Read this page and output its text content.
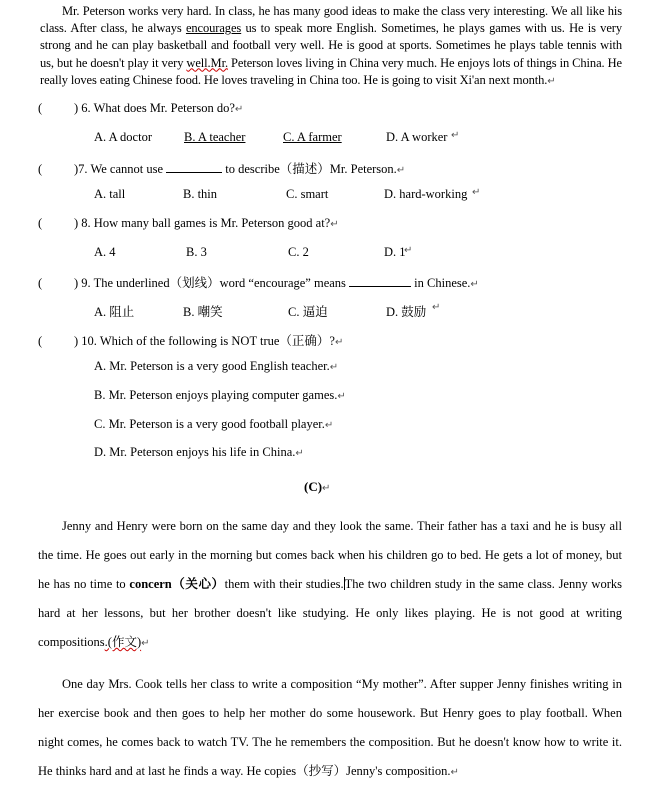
Mr. Peterson works very hard. In class, he has many good ideas to make the class very interesting. We all like his class. After class, he always encourages us to speak more English. Sometimes, he plays games with us. He is very strong and he can play basketball and football very well. He is good at sports. Sometimes he plays table tennis with us, but he doesn't play it very well.Mr. Peterson loves living in China very much. He enjoys lots of things in China. He really loves eating Chinese food. He loves traveling in China too. He is going to visit Xi'an next month.↵
(	) 6. What does Mr. Peterson do?↵
A. A doctor	B. A teacher	C. A farmer	D. A worker ↵
(	)7. We cannot use	to describe（描述）Mr. Peterson.↵
A. tall	B. thin	C. smart	D. hard-working ↵
(	) 8. How many ball games is Mr. Peterson good at?↵
A. 4	B. 3	C. 2	D. 1
↵
(	) 9. The underlined（划线）word “encourage” means	in Chinese.↵
A. 阻止	B. 嘲笑	C. 逼迫	D. 鼓励 ↵
(	) 10. Which of the following is NOT true（正确）?↵
A. Mr. Peterson is a very good English teacher.↵
B. Mr. Peterson enjoys playing computer games.↵
C. Mr. Peterson is a very good football player.↵
D. Mr. Peterson enjoys his life in China.↵
(C)↵
Jenny and Henry were born on the same day and they look the same. Their father has a taxi and he is busy all the time. He goes out early in the morning but comes back when his children go to bed. He gets a lot of money, but he has no time to concern（关心）them with their studies.The two children study in the same class. Jenny works hard at her lessons, but her brother doesn't like studying. He only likes playing. He is not good at writing compositions.(作文)↵
One day Mrs. Cook tells her class to write a composition “My mother”. After supper Jenny finishes writing in her exercise book and then goes to help her mother do some housework. But Henry goes to play football. When night comes, he comes back to watch TV. The he remembers the composition. But he doesn't know how to write it. He thinks hard and at last he finds a way. He copies（抄写）Jenny's composition.↵
